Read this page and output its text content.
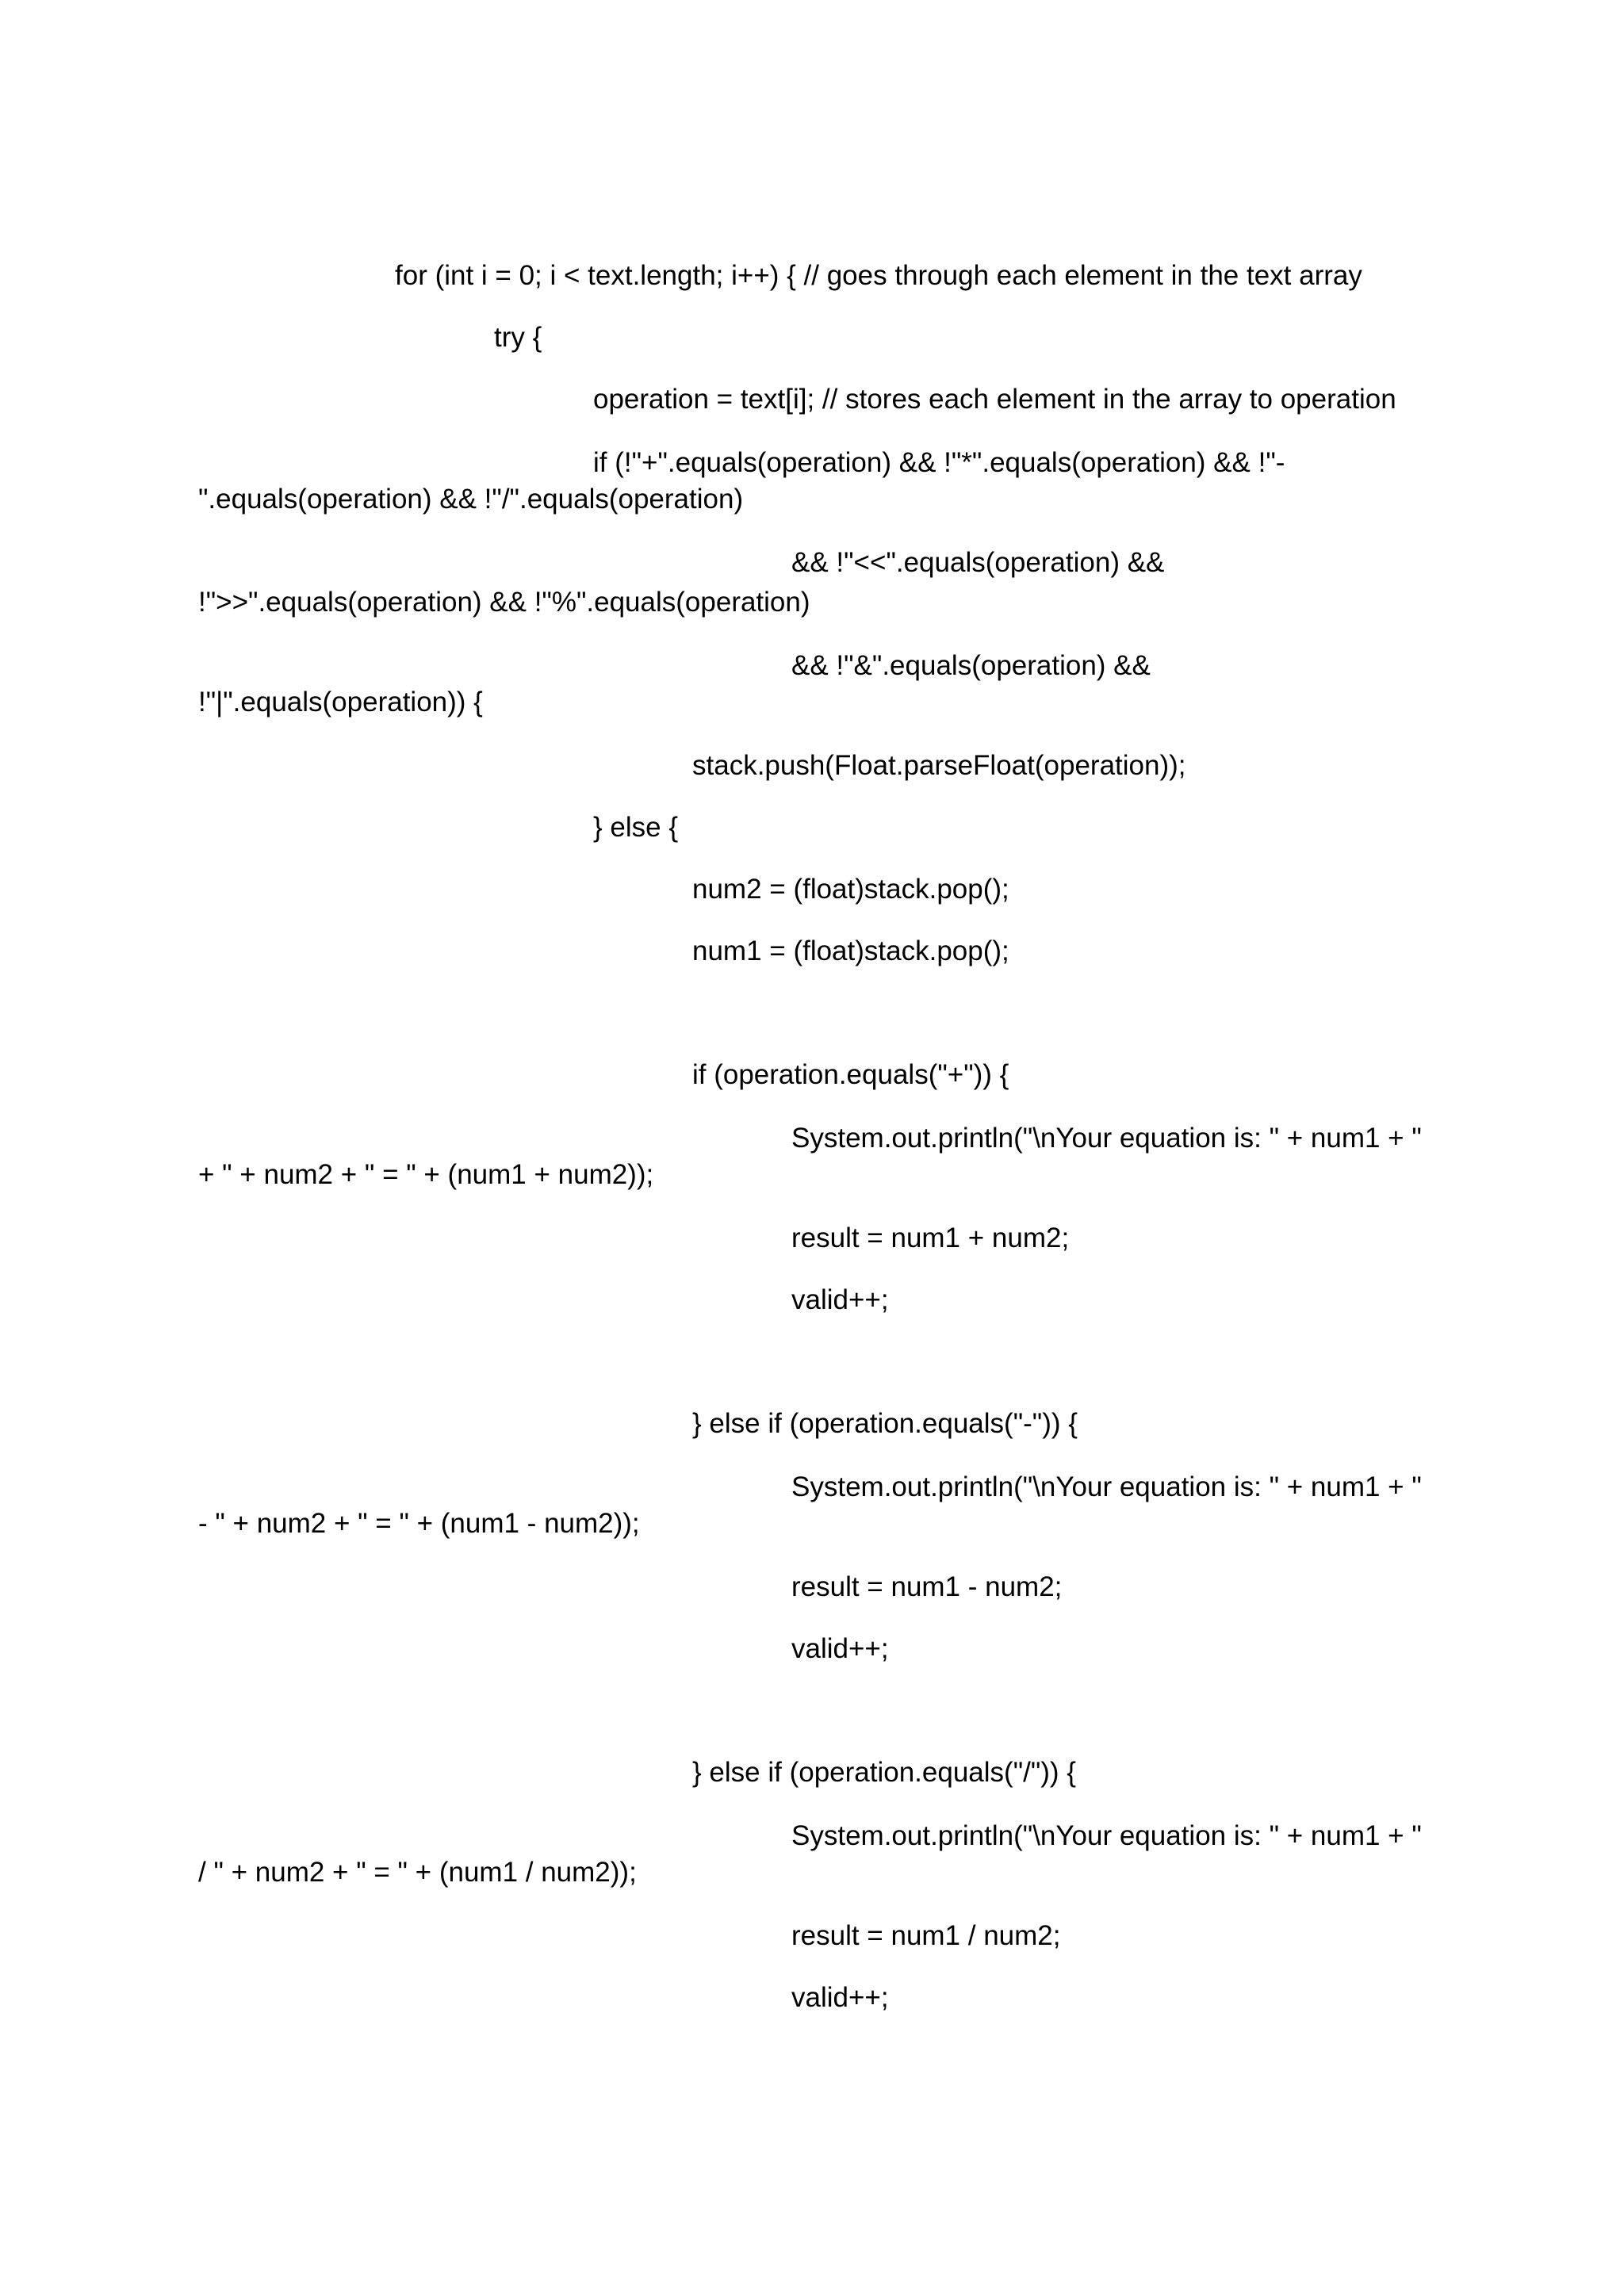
for (int i = 0; i < text.length; i++) { // goes through each element in the text array
try {
operation = text[i]; // stores each element in the array to operation
if (!"+".equals(operation) && !"*".equals(operation) && !"-
".equals(operation) && !"/".equals(operation)
&& !"<<".equals(operation) &&
!">>".equals(operation) && !"%".equals(operation)
&& !"&".equals(operation) &&
!"|".equals(operation)) {
stack.push(Float.parseFloat(operation));
} else {
num2 = (float)stack.pop();
num1 = (float)stack.pop();
if (operation.equals("+")) {
System.out.println("\nYour equation is: " + num1 + "
+ " + num2 + " = " + (num1 + num2));
result = num1 + num2;
valid++;
} else if (operation.equals("-")) {
System.out.println("\nYour equation is: " + num1 + "
- " + num2 + " = " + (num1 - num2));
result = num1 - num2;
valid++;
} else if (operation.equals("/")) {
System.out.println("\nYour equation is: " + num1 + "
/ " + num2 + " = " + (num1 / num2));
result = num1 / num2;
valid++;
